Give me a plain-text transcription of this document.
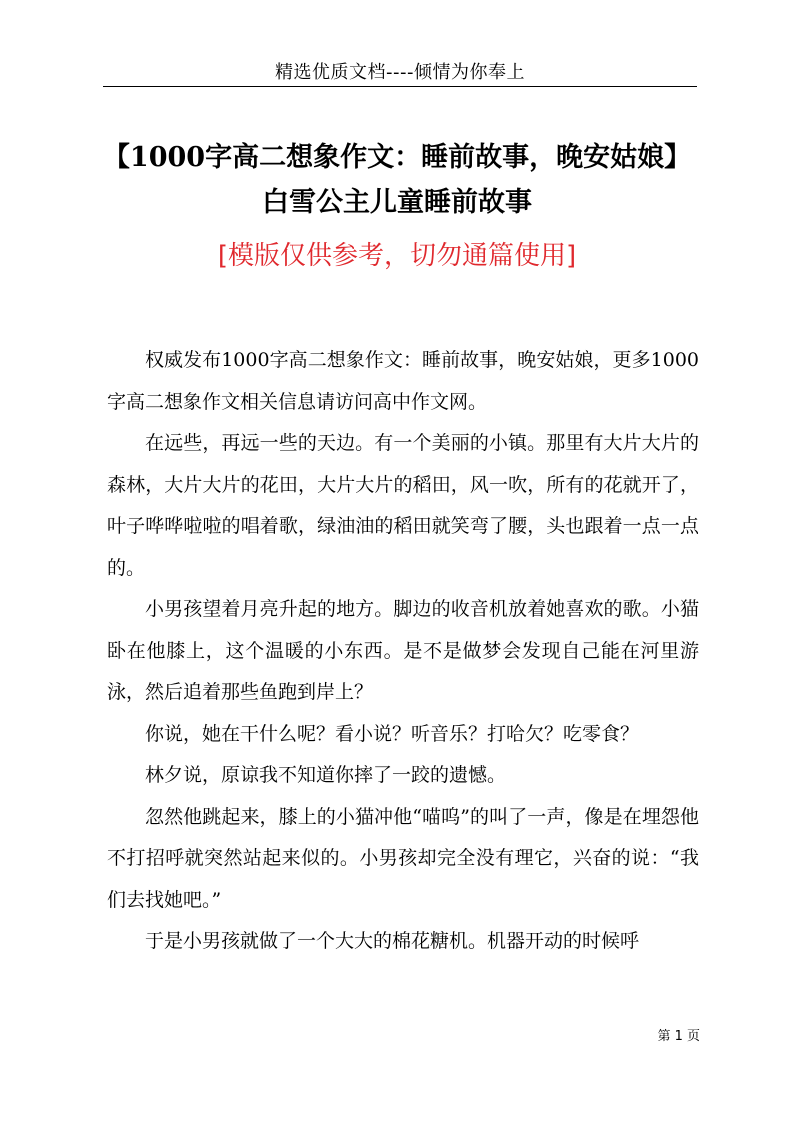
精选优质文档----倾情为你奉上
【1000字高二想象作文：睡前故事，晚安姑娘】
白雪公主儿童睡前故事
[模版仅供参考，切勿通篇使用]

权威发布1000字高二想象作文：睡前故事，晚安姑娘，更多1000字高二想象作文相关信息请访问高中作文网。

在远些，再远一些的天边。有一个美丽的小镇。那里有大片大片的森林，大片大片的花田，大片大片的稻田，风一吹，所有的花就开了，叶子哗哗啦啦的唱着歌，绿油油的稻田就笑弯了腰，头也跟着一点一点的。

小男孩望着月亮升起的地方。脚边的收音机放着她喜欢的歌。小猫卧在他膝上，这个温暖的小东西。是不是做梦会发现自己能在河里游泳，然后追着那些鱼跑到岸上？

你说，她在干什么呢？看小说？听音乐？打哈欠？吃零食？

林夕说，原谅我不知道你摔了一跤的遗憾。

忽然他跳起来，膝上的小猫冲他“喵呜”的叫了一声，像是在埋怨他不打招呼就突然站起来似的。小男孩却完全没有理它，兴奋的说：“我们去找她吧。”

于是小男孩就做了一个大大的棉花糖机。机器开动的时候呼

第 1 页
